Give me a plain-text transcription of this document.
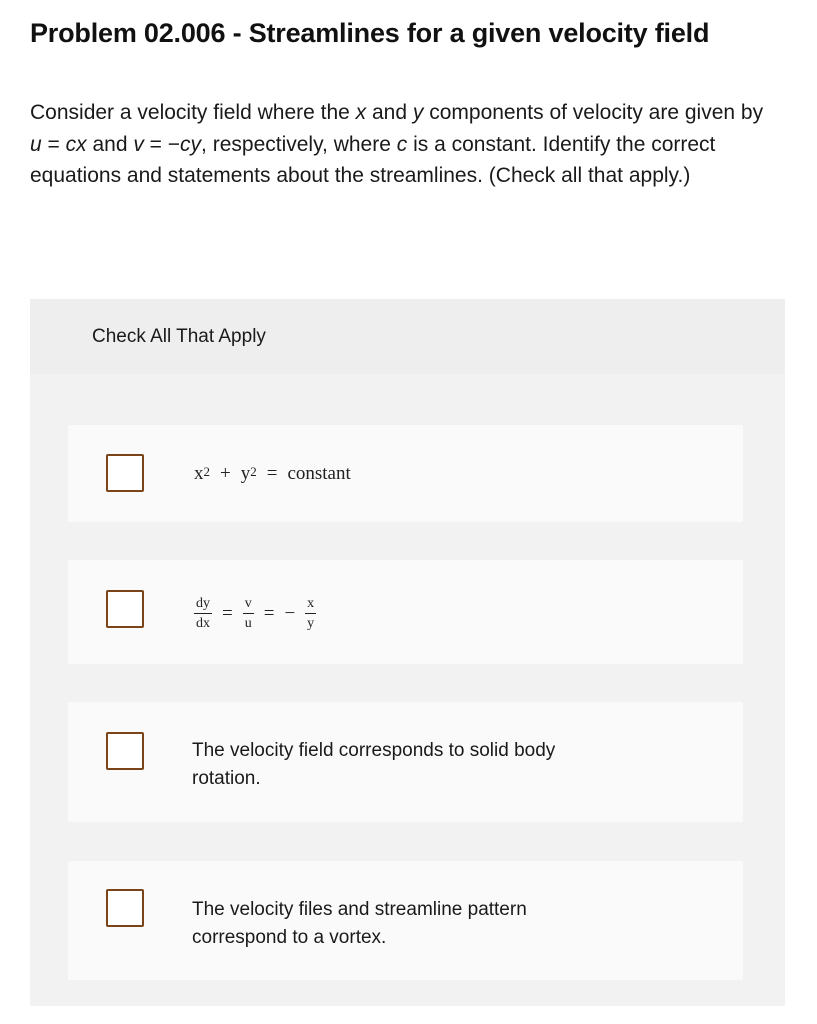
Problem 02.006 - Streamlines for a given velocity field

Consider a velocity field where the x and y components of velocity are given by u = cx and v = −cy, respectively, where c is a constant. Identify the correct equations and statements about the streamlines. (Check all that apply.)

Check All That Apply
$x^2 + y^2$ = constant
$\frac{dy}{dx} = \frac{v}{u}$ = − $\frac{x}{y}$
The velocity field corresponds to solid body rotation.
The velocity files and streamline pattern correspond to a vortex.
